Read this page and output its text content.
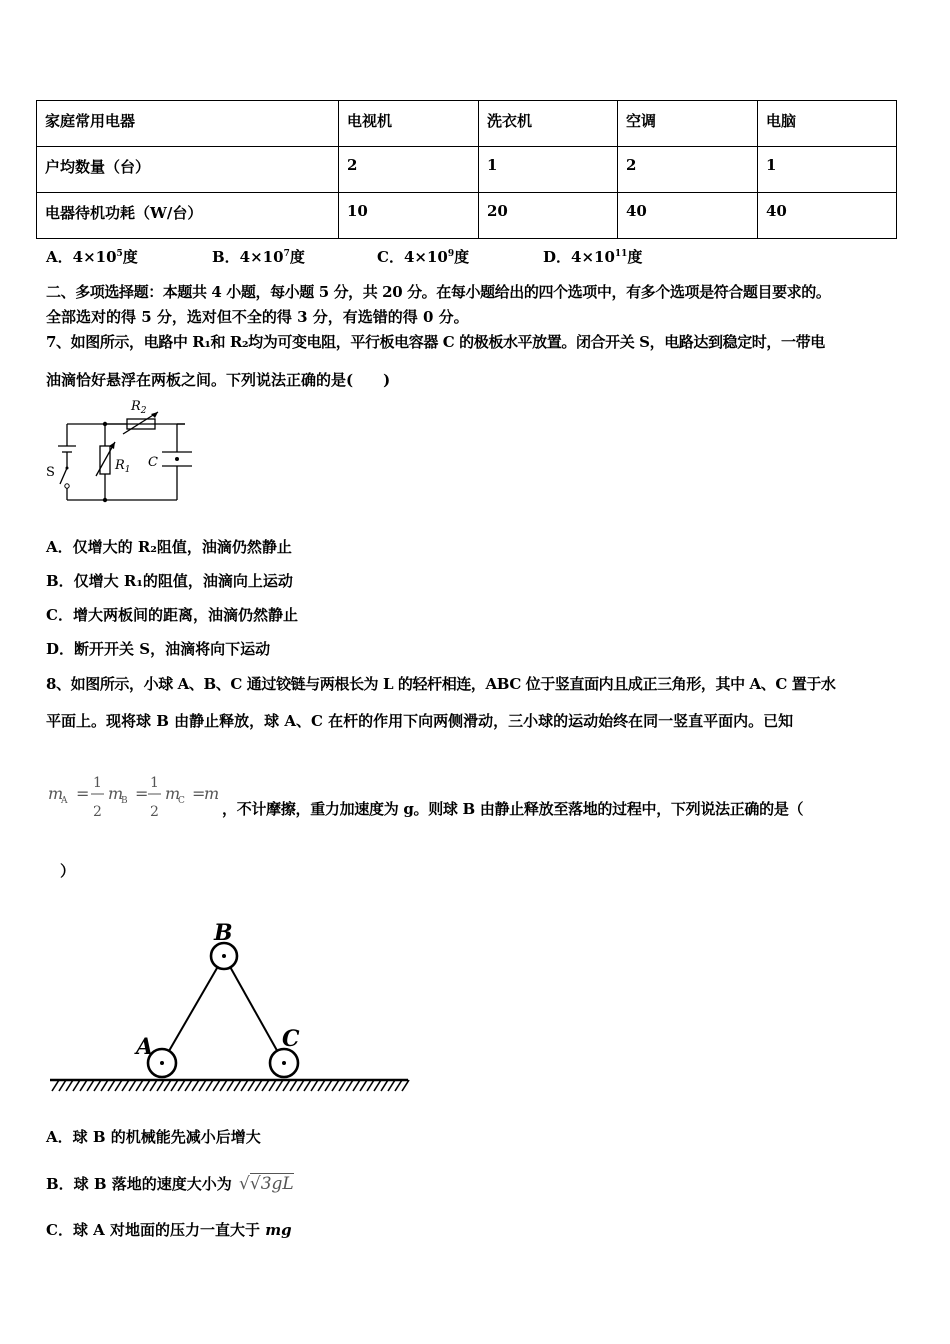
家庭常用电器	电视机	洗衣机	空调	电脑
户均数量（台）	2	1	2	1
电器待机功耗（W/台）	10	20	40	40
A．$4\times 10^5$度	B．$4\times 10^7$度	C．$4\times 10^9$度	D．$4\times 10^{11}$度
二、多项选择题：本题共 4 小题，每小题 5 分，共 20 分。在每小题给出的四个选项中，有多个选项是符合题目要求的。
全部选对的得 5 分，选对但不全的得 3 分，有选错的得 0 分。
7、如图所示，电路中 R₁和 R₂均为可变电阻，平行板电容器 C 的极板水平放置。闭合开关 S，电路达到稳定时，一带电
油滴恰好悬浮在两板之间。下列说法正确的是(　　)
$R_2$
$R_1$ C
S
A．仅增大的 R₂阻值，油滴仍然静止
B．仅增大 R₁的阻值，油滴向上运动
C．增大两板间的距离，油滴仍然静止
D．断开开关 S，油滴将向下运动
8、如图所示，小球 A、B、C 通过铰链与两根长为 L 的轻杆相连，ABC 位于竖直面内且成正三角形，其中 A、C 置于水
平面上。现将球 B 由静止释放，球 A、C 在杆的作用下向两侧滑动，三小球的运动始终在同一竖直平面内。已知
m
A =
1
2
m
B =
1
2
m
C =
m
，不计摩擦，重力加速度为 g。则球 B 由静止释放至落地的过程中，下列说法正确的是（
）
B
A	C
A．球 B 的机械能先减小后增大
B．球 B 落地的速度大小为 √√3gL
C．球 A 对地面的压力一直大于 mg
